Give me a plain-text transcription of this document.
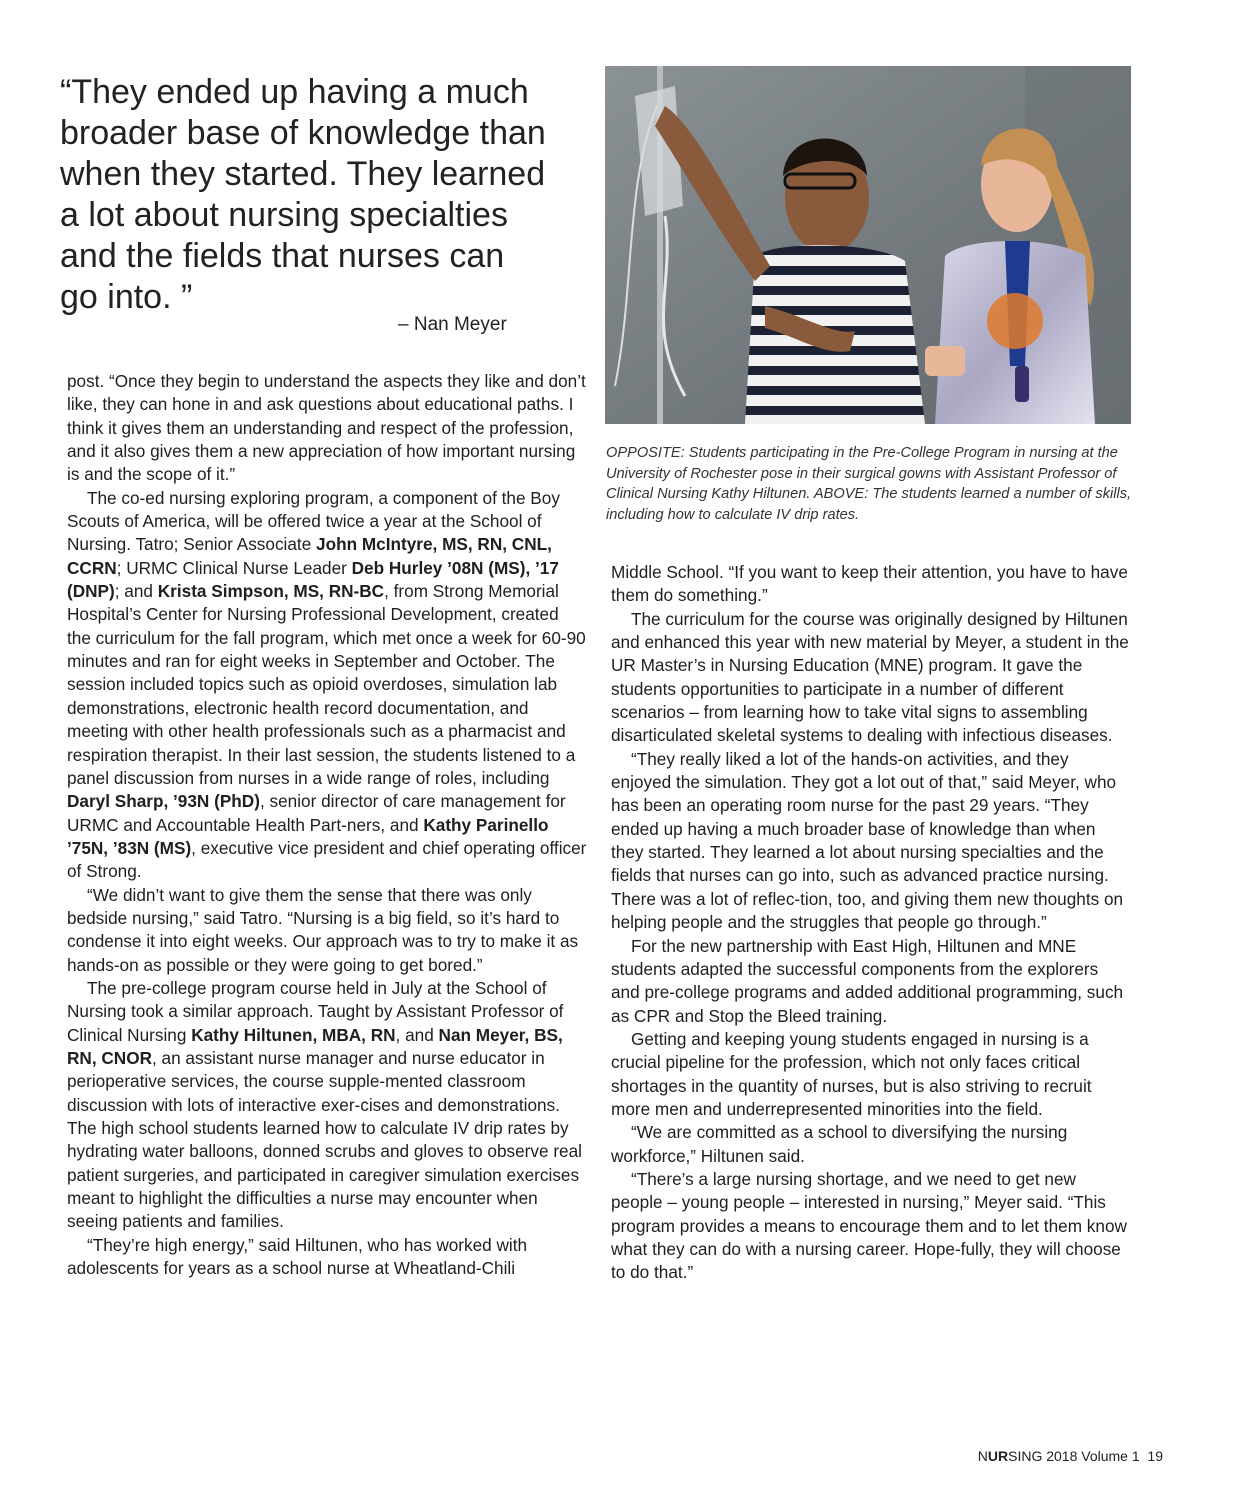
“They ended up having a much
broader base of knowledge than
when they started. They learned
a lot about nursing specialties
and the fields that nurses can
go into. ”
– Nan Meyer
OPPOSITE: Students participating in the Pre-College Program in nursing at the University of Rochester pose in their surgical gowns with Assistant Professor of Clinical Nursing Kathy Hiltunen. ABOVE: The students learned a number of skills, including how to calculate IV drip rates.

post. “Once they begin to understand the aspects they like and don’t like, they can hone in and ask questions about educational paths. I think it gives them an understanding and respect of the profession, and it also gives them a new appreciation of how important nursing is and the scope of it.”

The co-ed nursing exploring program, a component of the Boy Scouts of America, will be offered twice a year at the School of Nursing. Tatro; Senior Associate John McIntyre, MS, RN, CNL, CCRN; URMC Clinical Nurse Leader Deb Hurley ’08N (MS), ’17 (DNP); and Krista Simpson, MS, RN-BC, from Strong Memorial Hospital’s Center for Nursing Professional Development, created the curriculum for the fall program, which met once a week for 60-90 minutes and ran for eight weeks in September and October. The session included topics such as opioid overdoses, simulation lab demonstrations, electronic health record documentation, and meeting with other health professionals such as a pharmacist and respiration therapist. In their last session, the students listened to a panel discussion from nurses in a wide range of roles, including Daryl Sharp, ’93N (PhD), senior director of care management for URMC and Accountable Health Part-ners, and Kathy Parinello ’75N, ’83N (MS), executive vice president and chief operating officer of Strong.

“We didn’t want to give them the sense that there was only bedside nursing,” said Tatro. “Nursing is a big field, so it’s hard to condense it into eight weeks. Our approach was to try to make it as hands-on as possible or they were going to get bored.”

The pre-college program course held in July at the School of Nursing took a similar approach. Taught by Assistant Professor of Clinical Nursing Kathy Hiltunen, MBA, RN, and Nan Meyer, BS, RN, CNOR, an assistant nurse manager and nurse educator in perioperative services, the course supple-mented classroom discussion with lots of interactive exer-cises and demonstrations. The high school students learned how to calculate IV drip rates by hydrating water balloons, donned scrubs and gloves to observe real patient surgeries, and participated in caregiver simulation exercises meant to highlight the difficulties a nurse may encounter when seeing patients and families.

“They’re high energy,” said Hiltunen, who has worked with adolescents for years as a school nurse at Wheatland-Chili

Middle School. “If you want to keep their attention, you have to have them do something.”

The curriculum for the course was originally designed by Hiltunen and enhanced this year with new material by Meyer, a student in the UR Master’s in Nursing Education (MNE) program. It gave the students opportunities to participate in a number of different scenarios – from learning how to take vital signs to assembling disarticulated skeletal systems to dealing with infectious diseases.

“They really liked a lot of the hands-on activities, and they enjoyed the simulation. They got a lot out of that,” said Meyer, who has been an operating room nurse for the past 29 years. “They ended up having a much broader base of knowledge than when they started. They learned a lot about nursing specialties and the fields that nurses can go into, such as advanced practice nursing. There was a lot of reflec-tion, too, and giving them new thoughts on helping people and the struggles that people go through.”

For the new partnership with East High, Hiltunen and MNE students adapted the successful components from the explorers and pre-college programs and added additional programming, such as CPR and Stop the Bleed training.

Getting and keeping young students engaged in nursing is a crucial pipeline for the profession, which not only faces critical shortages in the quantity of nurses, but is also striving to recruit more men and underrepresented minorities into the field.

“We are committed as a school to diversifying the nursing workforce,” Hiltunen said.

“There’s a large nursing shortage, and we need to get new people – young people – interested in nursing,” Meyer said. “This program provides a means to encourage them and to let them know what they can do with a nursing career. Hope-fully, they will choose to do that.”

NURSING 2018 Volume 1 19
